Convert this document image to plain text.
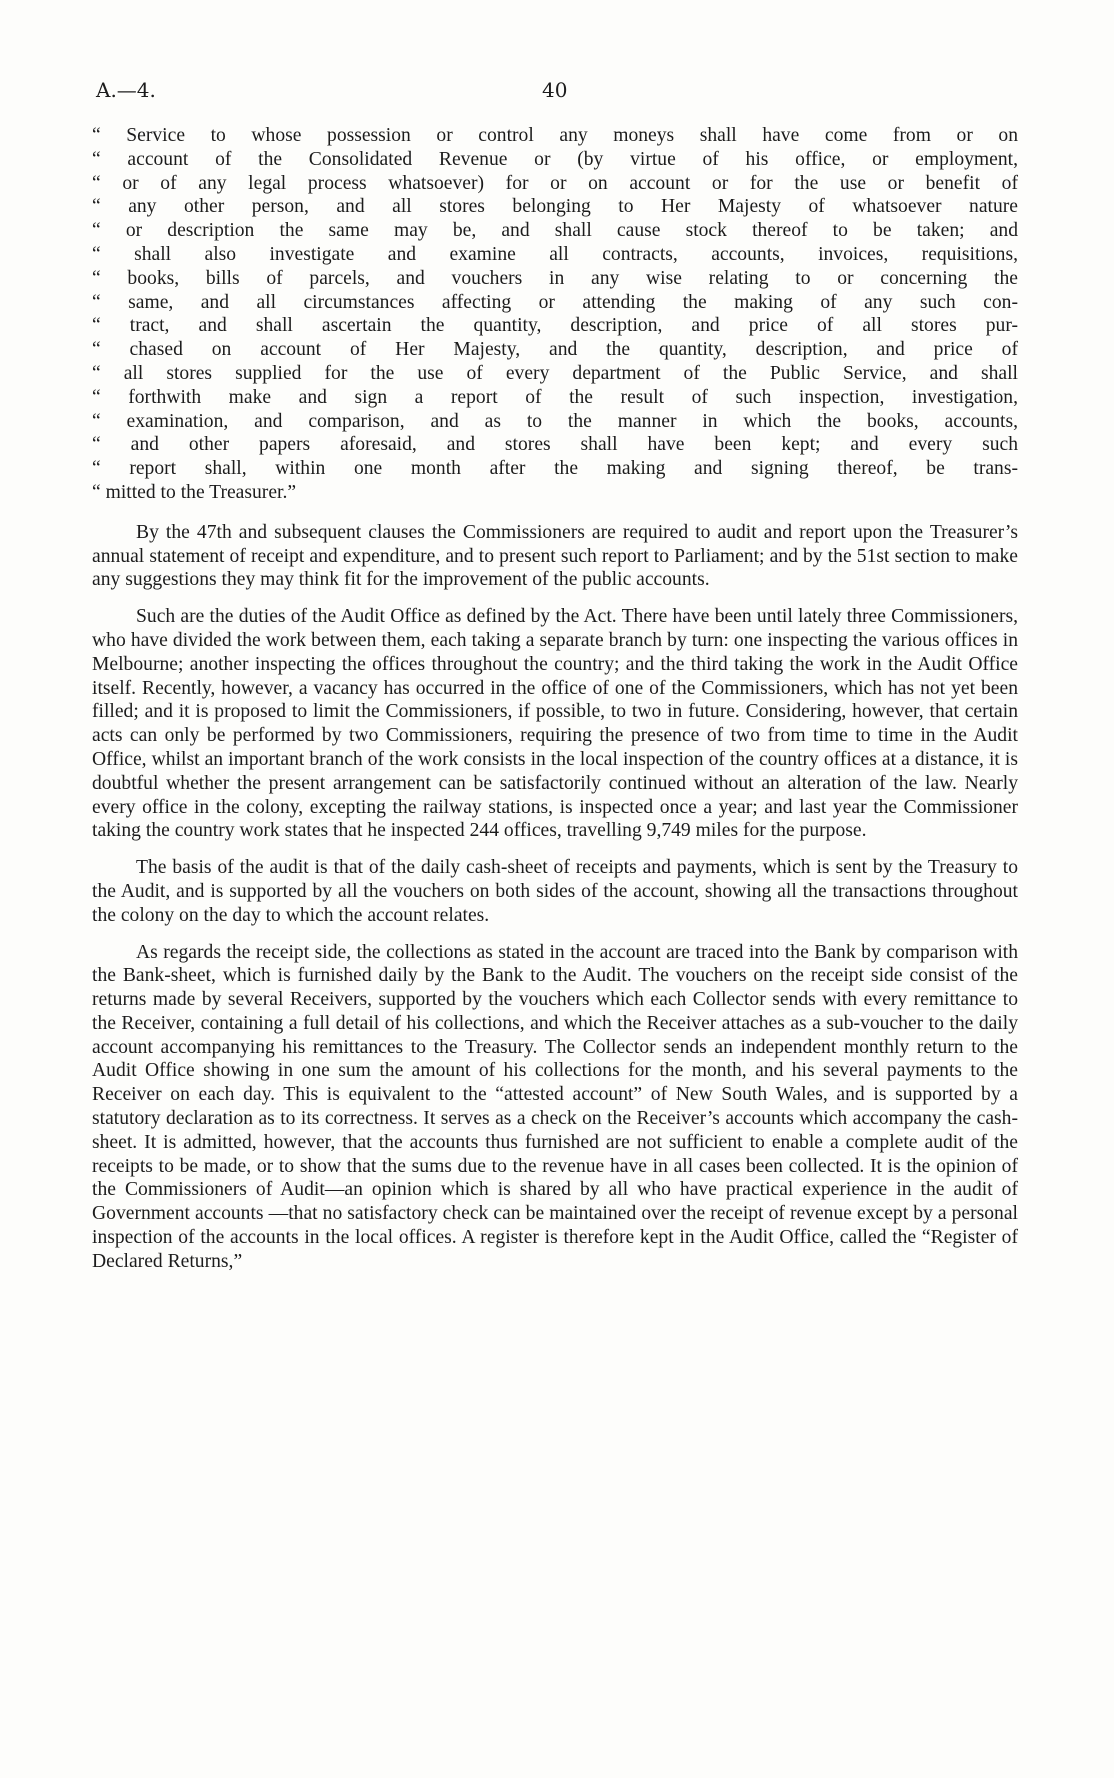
A.—4.	40
“ Service to whose possession or control any moneys shall have come from or on
“ account of the Consolidated Revenue or (by virtue of his office, or employment,
“ or of any legal process whatsoever) for or on account or for the use or benefit of
“ any other person, and all stores belonging to Her Majesty of whatsoever nature
“ or description the same may be, and shall cause stock thereof to be taken; and
“ shall also investigate and examine all contracts, accounts, invoices, requisitions,
“ books, bills of parcels, and vouchers in any wise relating to or concerning the
“ same, and all circumstances affecting or attending the making of any such con-
“ tract, and shall ascertain the quantity, description, and price of all stores pur-
“ chased on account of Her Majesty, and the quantity, description, and price of
“ all stores supplied for the use of every department of the Public Service, and shall
“ forthwith make and sign a report of the result of such inspection, investigation,
“ examination, and comparison, and as to the manner in which the books, accounts,
“ and other papers aforesaid, and stores shall have been kept; and every such
“ report shall, within one month after the making and signing thereof, be trans-
“ mitted to the Treasurer.”

By the 47th and subsequent clauses the Commissioners are required to audit and report upon the Treasurer’s annual statement of receipt and expenditure, and to present such report to Parliament; and by the 51st section to make any suggestions they may think fit for the improvement of the public accounts.

Such are the duties of the Audit Office as defined by the Act. There have been until lately three Commissioners, who have divided the work between them, each taking a separate branch by turn: one inspecting the various offices in Melbourne; another inspecting the offices throughout the country; and the third taking the work in the Audit Office itself. Recently, however, a vacancy has occurred in the office of one of the Commissioners, which has not yet been filled; and it is proposed to limit the Commissioners, if possible, to two in future. Considering, however, that certain acts can only be performed by two Commissioners, requiring the presence of two from time to time in the Audit Office, whilst an important branch of the work consists in the local inspection of the country offices at a distance, it is doubtful whether the present arrangement can be satisfactorily continued without an alteration of the law. Nearly every office in the colony, excepting the railway stations, is inspected once a year; and last year the Commissioner taking the country work states that he inspected 244 offices, travelling 9,749 miles for the purpose.

The basis of the audit is that of the daily cash-sheet of receipts and payments, which is sent by the Treasury to the Audit, and is supported by all the vouchers on both sides of the account, showing all the transactions throughout the colony on the day to which the account relates.

As regards the receipt side, the collections as stated in the account are traced into the Bank by comparison with the Bank-sheet, which is furnished daily by the Bank to the Audit. The vouchers on the receipt side consist of the returns made by several Receivers, supported by the vouchers which each Collector sends with every remittance to the Receiver, containing a full detail of his collections, and which the Receiver attaches as a sub-voucher to the daily account accompanying his remittances to the Treasury. The Collector sends an independent monthly return to the Audit Office showing in one sum the amount of his collections for the month, and his several payments to the Receiver on each day. This is equivalent to the “attested account” of New South Wales, and is supported by a statutory declaration as to its correctness. It serves as a check on the Receiver’s accounts which accompany the cash-sheet. It is admitted, however, that the accounts thus furnished are not sufficient to enable a complete audit of the receipts to be made, or to show that the sums due to the revenue have in all cases been collected. It is the opinion of the Commissioners of Audit—an opinion which is shared by all who have practical experience in the audit of Government accounts —that no satisfactory check can be maintained over the receipt of revenue except by a personal inspection of the accounts in the local offices. A register is therefore kept in the Audit Office, called the “Register of Declared Returns,”
